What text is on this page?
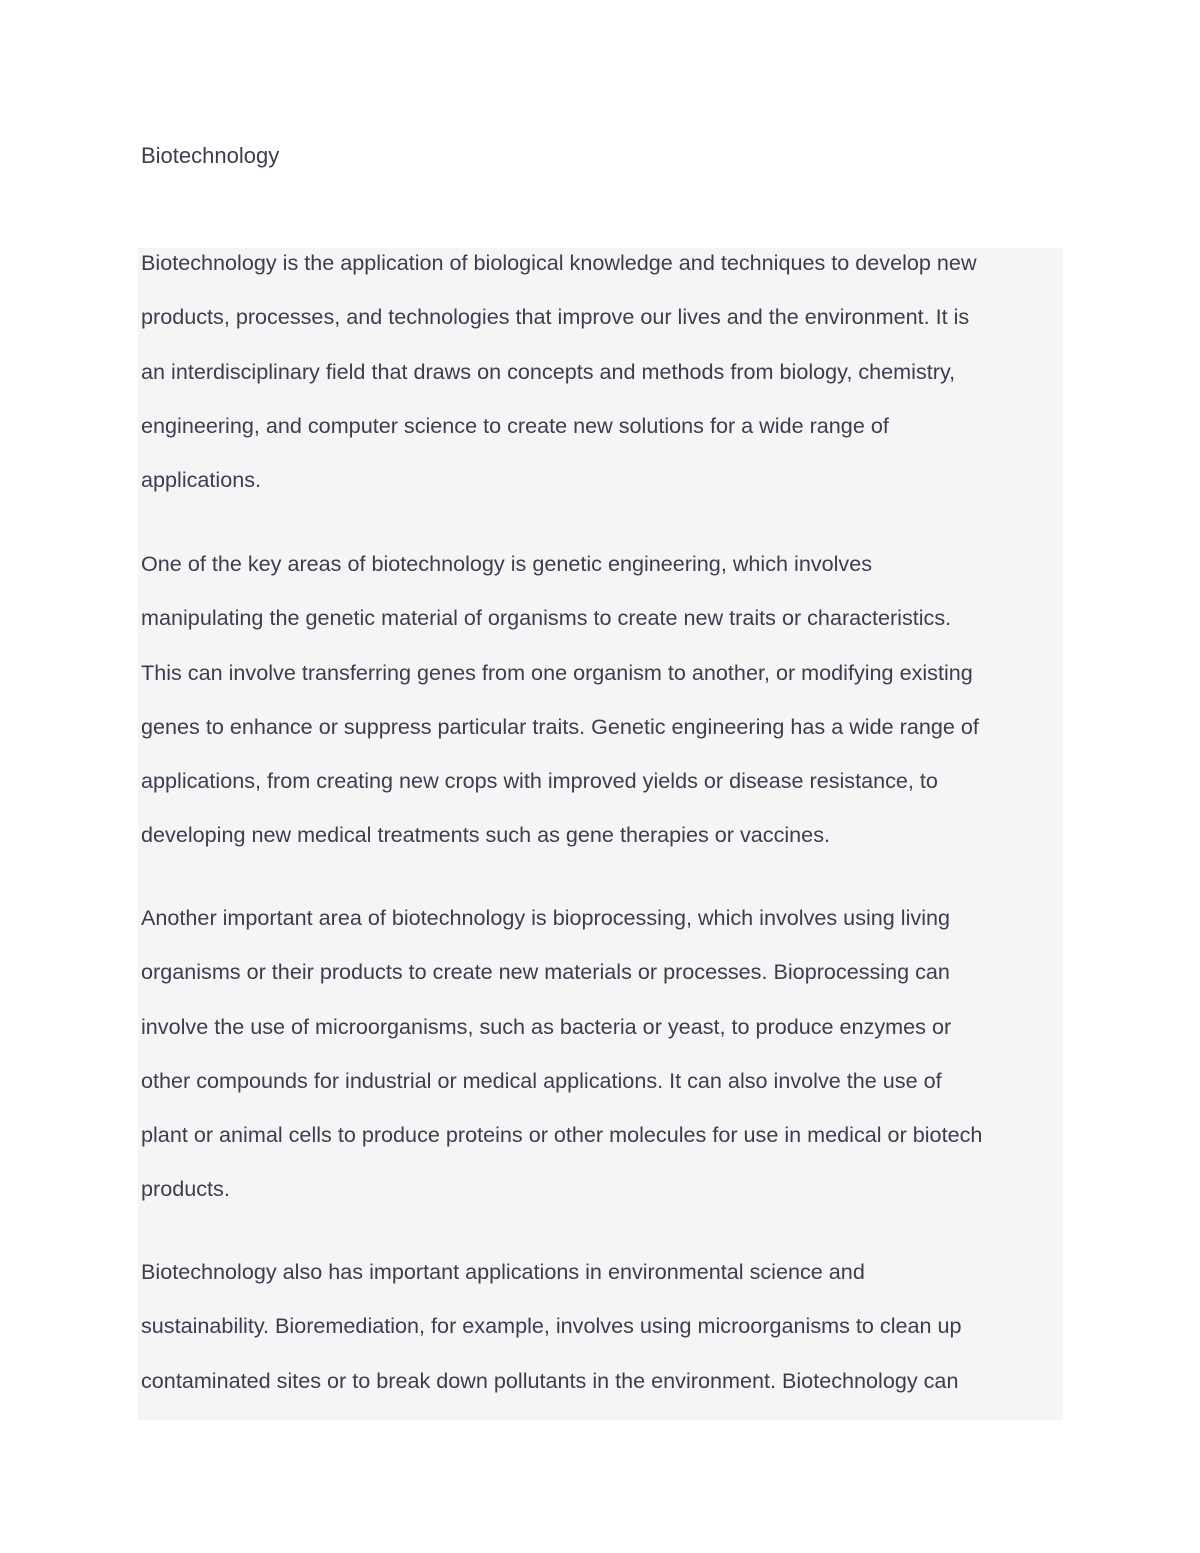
Biotechnology

Biotechnology is the application of biological knowledge and techniques to develop new
products, processes, and technologies that improve our lives and the environment. It is
an interdisciplinary field that draws on concepts and methods from biology, chemistry,
engineering, and computer science to create new solutions for a wide range of
applications.

One of the key areas of biotechnology is genetic engineering, which involves
manipulating the genetic material of organisms to create new traits or characteristics.
This can involve transferring genes from one organism to another, or modifying existing
genes to enhance or suppress particular traits. Genetic engineering has a wide range of
applications, from creating new crops with improved yields or disease resistance, to
developing new medical treatments such as gene therapies or vaccines.

Another important area of biotechnology is bioprocessing, which involves using living
organisms or their products to create new materials or processes. Bioprocessing can
involve the use of microorganisms, such as bacteria or yeast, to produce enzymes or
other compounds for industrial or medical applications. It can also involve the use of
plant or animal cells to produce proteins or other molecules for use in medical or biotech
products.

Biotechnology also has important applications in environmental science and
sustainability. Bioremediation, for example, involves using microorganisms to clean up
contaminated sites or to break down pollutants in the environment. Biotechnology can
